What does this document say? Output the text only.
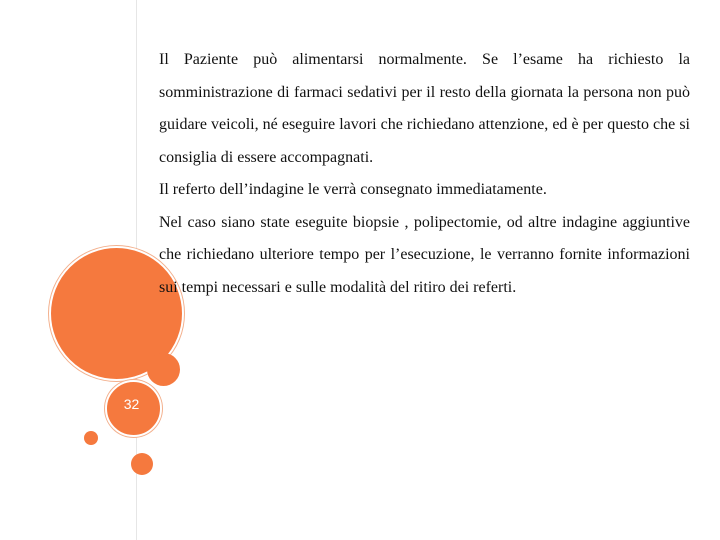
32

Il Paziente può alimentarsi normalmente. Se l’esame ha richiesto la somministrazione di farmaci sedativi per il resto della giornata la persona non può guidare veicoli, né eseguire lavori che richiedano attenzione, ed è per questo che si consiglia di essere accompagnati.

Il referto dell’indagine le verrà consegnato immediatamente.

Nel caso siano state eseguite biopsie , polipectomie, od altre indagine aggiuntive che richiedano ulteriore tempo per l’esecuzione, le verranno fornite informazioni sui tempi necessari e sulle modalità del ritiro dei referti.
